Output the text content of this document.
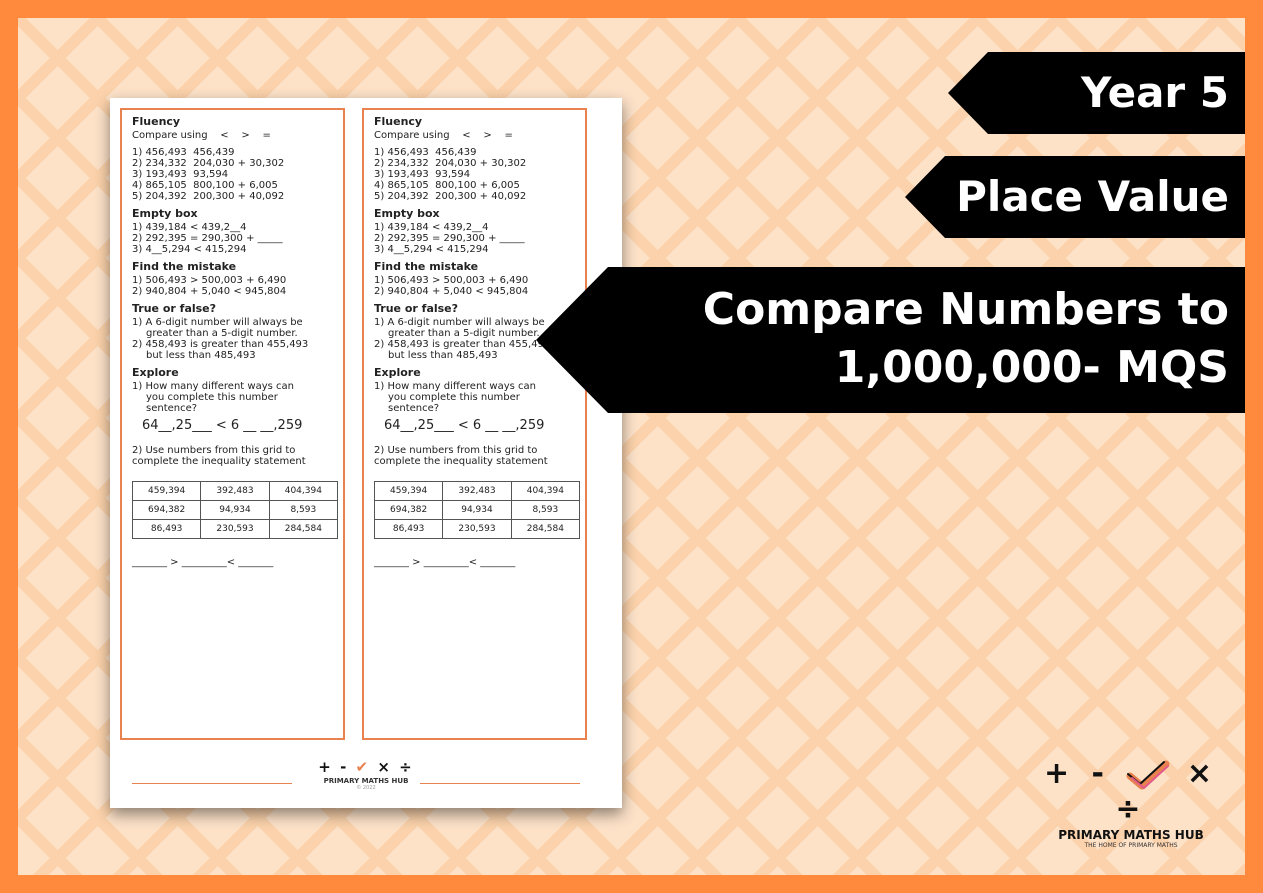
Fluency
Compare using    <    >    =
1) 456,493  456,439
2) 234,332  204,030 + 30,302
3) 193,493  93,594
4) 865,105  800,100 + 6,005
5) 204,392  200,300 + 40,092
Empty box
1) 439,184 < 439,2__4
2) 292,395 = 290,300 + _____
3) 4__5,294 < 415,294
Find the mistake
1) 506,493 > 500,003 + 6,490
2) 940,804 + 5,040 < 945,804
True or false?
1) A 6-digit number will always be
greater than a 5-digit number.
2) 458,493 is greater than 455,493
but less than 485,493
Explore
1) How many different ways can
you complete this number
sentence?
64__,25___ < 6 __ __,259
2) Use numbers from this grid to
complete the inequality statement
459,394	392,483	404,394
694,382	94,934	8,593
86,493	230,593	284,584
_______ > _________< _______
Fluency
Compare using    <    >    =
1) 456,493  456,439
2) 234,332  204,030 + 30,302
3) 193,493  93,594
4) 865,105  800,100 + 6,005
5) 204,392  200,300 + 40,092
Empty box
1) 439,184 < 439,2__4
2) 292,395 = 290,300 + _____
3) 4__5,294 < 415,294
Find the mistake
1) 506,493 > 500,003 + 6,490
2) 940,804 + 5,040 < 945,804
True or false?
1) A 6-digit number will always be
greater than a 5-digit number.
2) 458,493 is greater than 455,493
but less than 485,493
Explore
1) How many different ways can
you complete this number
sentence?
64__,25___ < 6 __ __,259
2) Use numbers from this grid to
complete the inequality statement
459,394	392,483	404,394
694,382	94,934	8,593
86,493	230,593	284,584
_______ > _________< _______
+ - ✔ × ÷
PRIMARY MATHS HUB
© 2022
Year 5
Place Value
Compare Numbers to
1,000,000- MQS
+ -	× ÷
PRIMARY MATHS HUB
THE HOME OF PRIMARY MATHS
